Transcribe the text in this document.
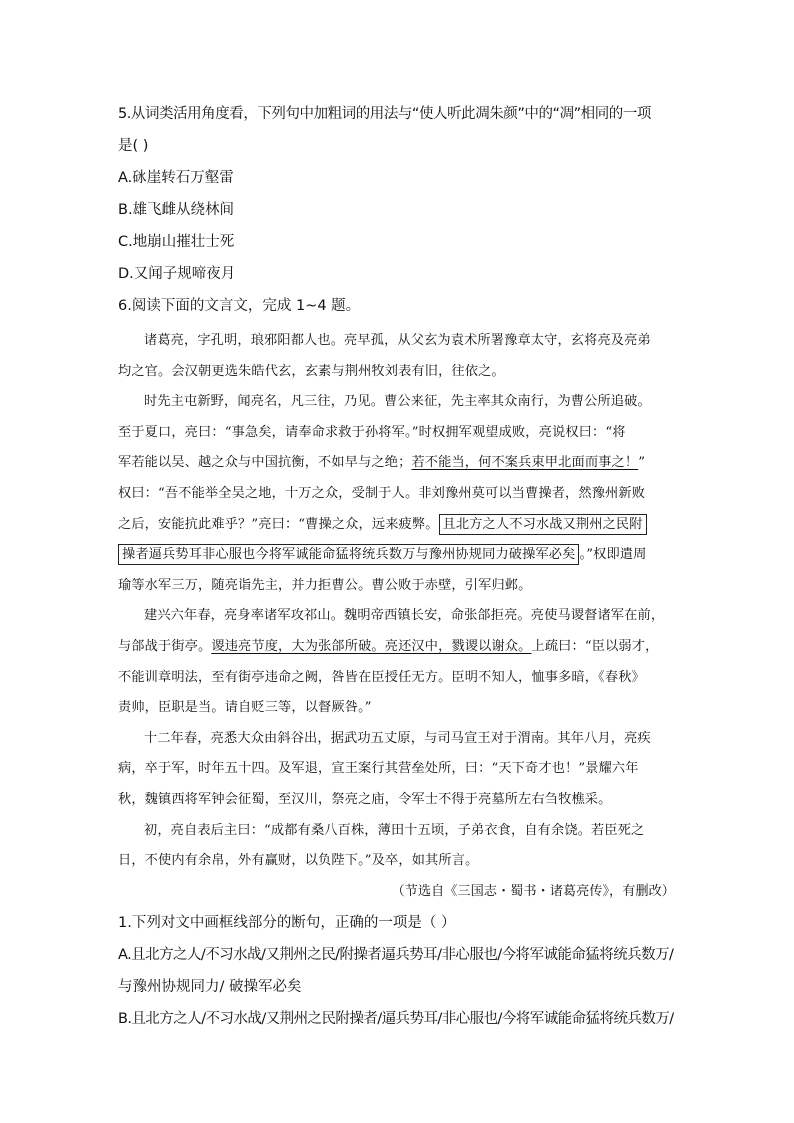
5.从词类活用角度看，下列句中加粗词的用法与“使人听此凋朱颜”中的“凋”相同的一项
是( )
A.砯崖转石万壑雷
B.雄飞雌从绕林间
C.地崩山摧壮士死
D.又闻子规啼夜月
6.阅读下面的文言文，完成 1~4 题。
诸葛亮，字孔明，琅邪阳都人也。亮早孤，从父玄为袁术所署豫章太守，玄将亮及亮弟
均之官。会汉朝更选朱皓代玄，玄素与荆州牧刘表有旧，往依之。
时先主屯新野，闻亮名，凡三往，乃见。曹公来征，先主率其众南行，为曹公所追破。
至于夏口，亮曰：“事急矣，请奉命求救于孙将军。”时权拥军观望成败，亮说权曰：“将
军若能以吴、越之众与中国抗衡，不如早与之绝；若不能当，何不案兵束甲北面而事之！”
权曰：“吾不能举全吴之地，十万之众，受制于人。非刘豫州莫可以当曹操者，然豫州新败
之后，安能抗此难乎？”亮曰：“曹操之众，远来疲弊。 且北方之人不习水战又荆州之民附
操者逼兵势耳非心服也今将军诚能命猛将统兵数万与豫州协规同力破操军必矣 。”权即遣周
瑜等水军三万，随亮诣先主，并力拒曹公。曹公败于赤壁，引军归邺。
建兴六年春，亮身率诸军攻祁山。魏明帝西镇长安，命张郃拒亮。亮使马谡督诸军在前，
与郃战于街亭。谡违亮节度，大为张郃所破。亮还汉中，戮谡以谢众。上疏曰：“臣以弱才，
不能训章明法，至有街亭违命之阙，咎皆在臣授任无方。臣明不知人，恤事多暗，《春秋》
责帅，臣职是当。请自贬三等，以督厥咎。”
十二年春，亮悉大众由斜谷出，据武功五丈原，与司马宣王对于渭南。其年八月，亮疾
病，卒于军，时年五十四。及军退，宣王案行其营垒处所，曰：“天下奇才也！”景耀六年
秋，魏镇西将军钟会征蜀，至汉川，祭亮之庙，令军士不得于亮墓所左右刍牧樵采。
初，亮自表后主曰：“成都有桑八百株，薄田十五顷，子弟衣食，自有余饶。若臣死之
日，不使内有余帛，外有赢财，以负陛下。”及卒，如其所言。
（节选自《三国志・蜀书・诸葛亮传》，有删改）
1.下列对文中画框线部分的断句，正确的一项是（ ）
A.且北方之人/不习水战/又荆州之民/附操者逼兵势耳/非心服也/今将军诚能命猛将统兵数万/
与豫州协规同力/ 破操军必矣
B.且北方之人/不习水战/又荆州之民附操者/逼兵势耳/非心服也/今将军诚能命猛将统兵数万/
